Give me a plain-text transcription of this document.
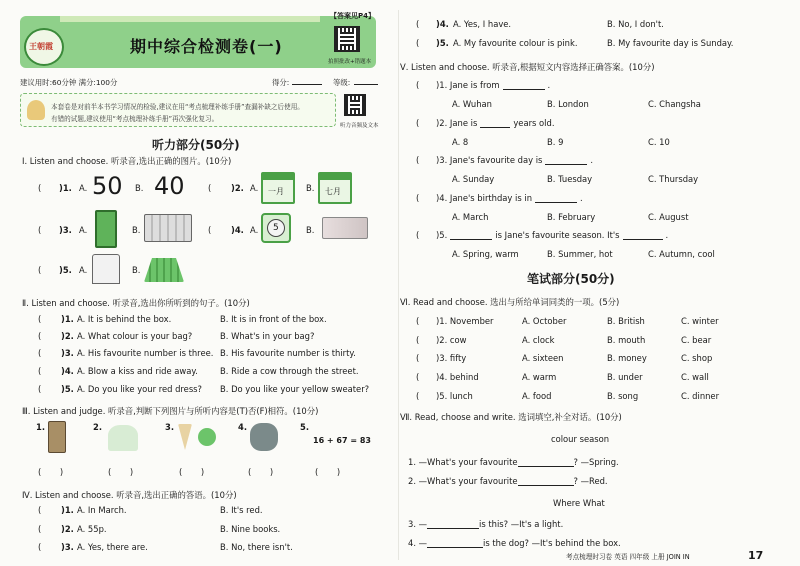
王朝霞	期中综合检测卷(一)
【答案见P4】
拍照批改+错题本
建议用时:60分钟 满分:100分	得分:	等级:
本套卷是对前半本书学习情况的检验,建议在用“考点梳理补练手册”查漏补缺之后使用。
有错的试题,建议使用“考点梳理补练手册”再次强化复习。
听力音频及文本
听力部分(50分)
Ⅰ. Listen and choose. 听录音,选出正确的图片。(10分)
( )1. A. 50 B. 40	( )2. A. 一月	B. 七月
( )3. A.	B.	( )4. A. 5	B.
( )5. A.	B.
Ⅱ. Listen and choose. 听录音,选出你所听到的句子。(10分)
( )1. A. It is behind the box.	B. It is in front of the box.
( )2. A. What colour is your bag?	B. What's in your bag?
( )3. A. His favourite number is three. B. His favourite number is thirty.
( )4. A. Blow a kiss and ride away.	B. Ride a cow through the street.
( )5. A. Do you like your red dress? B. Do you like your yellow sweater?
Ⅲ. Listen and judge. 听录音,判断下列图片与所听内容是(T)否(F)相符。(10分)
1.	2.	3.	4.	5.
16 + 67 = 83
(       )	(       )	(       )	(       )	(       )
Ⅳ. Listen and choose. 听录音,选出正确的答语。(10分)
( )1. A. In March.	B. It's red.
( )2. A. 55p.	B. Nine books.
( )3. A. Yes, there are.	B. No, there isn't.
( )4. A. Yes, I have.	B. No, I don't.
( )5. A. My favourite colour is pink.	B. My favourite day is Sunday.
Ⅴ. Listen and choose. 听录音,根据短文内容选择正确答案。(10分)
( )1. Jane is from	.
A. Wuhan	B. London	C. Changsha
( )2. Jane is	years old.
A. 8	B. 9	C. 10
( )3. Jane's favourite day is	.
A. Sunday	B. Tuesday	C. Thursday
( )4. Jane's birthday is in	.
A. March	B. February	C. August
( )5.	is Jane's favourite season. It's	.
A. Spring, warm	B. Summer, hot	C. Autumn, cool
笔试部分(50分)
Ⅵ. Read and choose. 选出与所给单词同类的一项。(5分)
( )1. November	A. October	B. British	C. winter
( )2. cow	A. clock	B. mouth	C. bear
( )3. fifty	A. sixteen	B. money	C. shop
( )4. behind	A. warm	B. under	C. wall
( )5. lunch	A. food	B. song	C. dinner
Ⅶ. Read, choose and write. 选词填空,补全对话。(10分)
colour season
1. —What's your favourite	? —Spring.
2. —What's your favourite	? —Red.
Where What
3. —	is this? —It's a light.
4. —	is the dog? —It's behind the box.
考点梳理时习卷 英语 四年级 上册 JOIN IN	17
